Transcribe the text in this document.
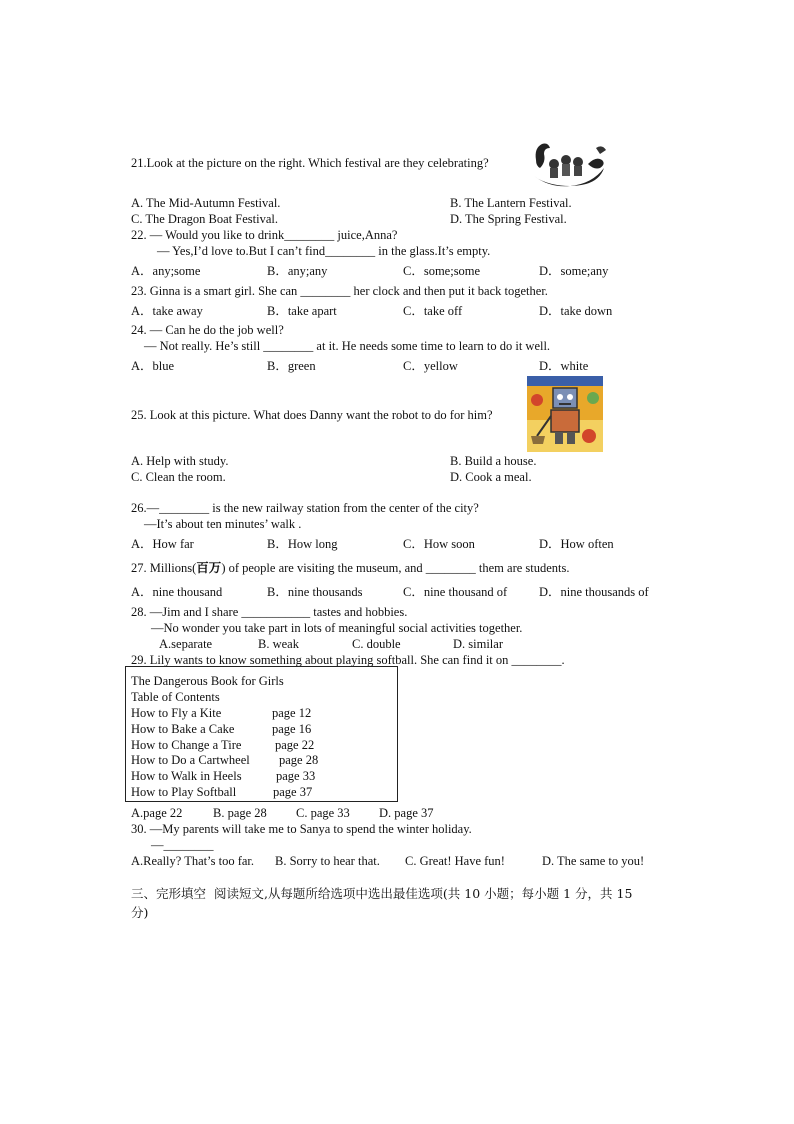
21.Look at the picture on the right. Which festival are they celebrating?
A. The Mid-Autumn Festival.	B. The Lantern Festival.
C. The Dragon Boat Festival.	D. The Spring Festival.
22. — Would you like to drink________ juice,Anna?
— Yes,I’d love to.But I can’t find________ in the glass.It’s empty.
A．any;some	B．any;any	C．some;some	D．some;any
23. Ginna is a smart girl. She can ________ her clock and then put it back together.
A．take away	B．take apart	C．take off	D．take down
24. — Can he do the job well?
— Not really. He’s still ________ at it. He needs some time to learn to do it well.
A．blue	B．green	C．yellow	D．white
25. Look at this picture. What does Danny want the robot to do for him?
A. Help with study.	B. Build a house.
C. Clean the room.	D. Cook a meal.
26.—________ is the new railway station from the center of the city?
—It’s about ten minutes’ walk .
A．How far	B．How long	C．How soon	D．How often
27. Millions(百万) of people are visiting the museum, and ________ them are students.
A．nine thousand	B．nine thousands	C．nine thousand of	D．nine thousands of
28. —Jim and I share ___________ tastes and hobbies.
—No wonder you take part in lots of meaningful social activities together.
A.separate	B. weak	C. double	D. similar
29. Lily wants to know something about playing softball. She can find it on ________.
The Dangerous Book for Girls
Table of Contents
How to Fly a Kite	page 12
How to Bake a Cake	page 16
How to Change a Tire	page 22
How to Do a Cartwheel page 28
How to Walk in Heels	page 33
How to Play Softball	page 37
A.page 22 B. page 28 C. page 33 D. page 37
30. —My parents will take me to Sanya to spend the winter holiday.
—________
A.Really? That’s too far. B. Sorry to hear that. C. Great! Have fun!	D. The same to you!
三、完形填空  阅读短文,从每题所给选项中选出最佳选项(共 10 小题；每小题 1 分，共 15
分)
